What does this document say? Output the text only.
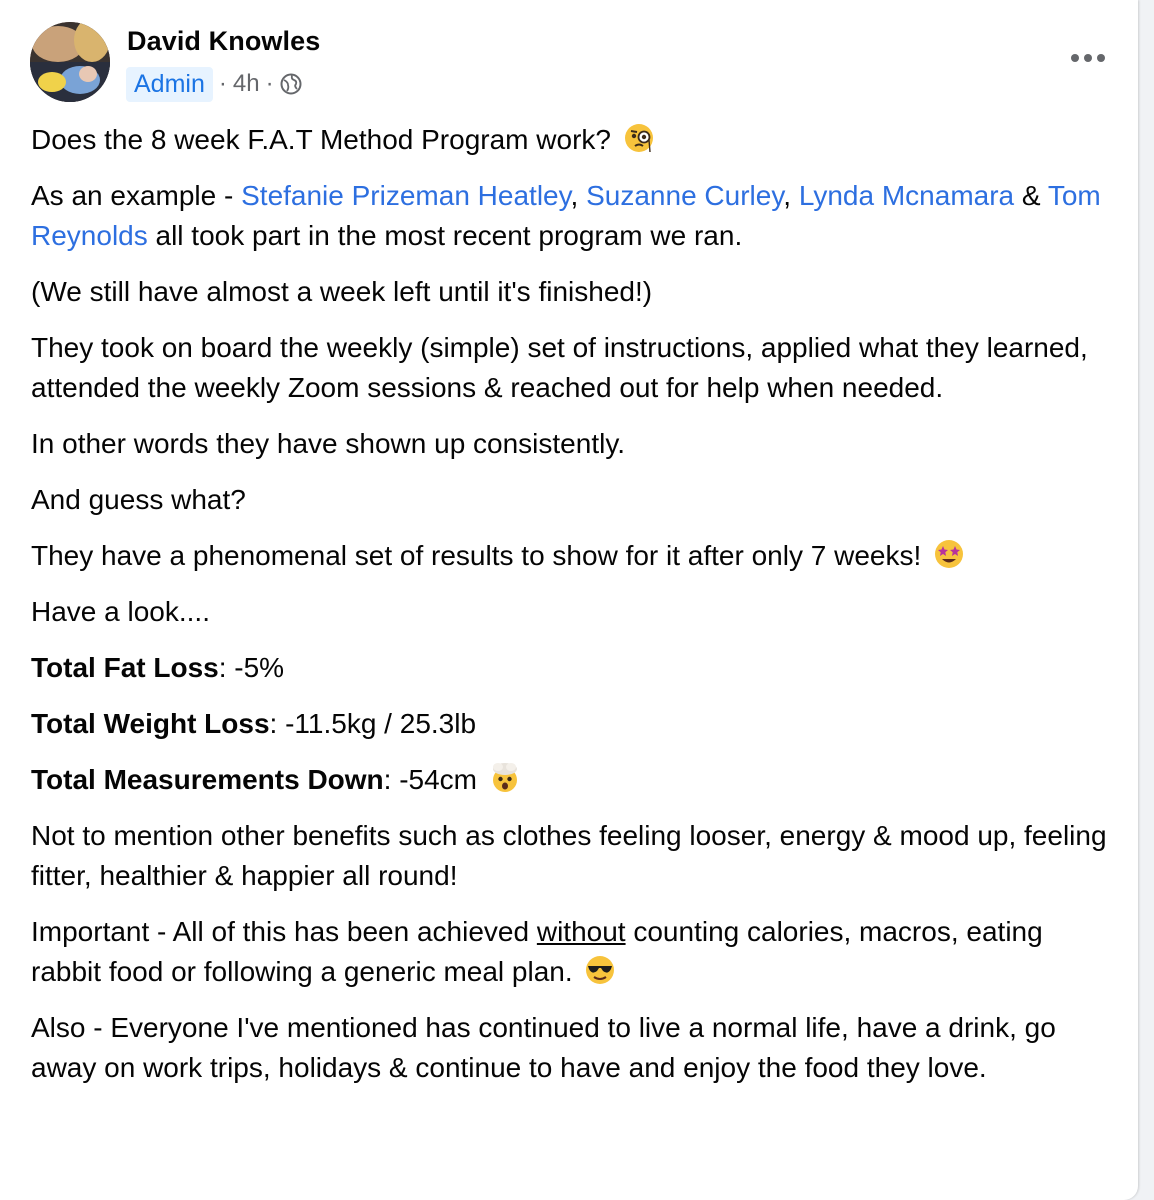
David Knowles
Admin · 4h ·

Does the 8 week F.A.T Method Program work?

As an example - Stefanie Prizeman Heatley, Suzanne Curley, Lynda Mcnamara & Tom Reynolds all took part in the most recent program we ran.

(We still have almost a week left until it's finished!)

They took on board the weekly (simple) set of instructions, applied what they learned, attended the weekly Zoom sessions & reached out for help when needed.

In other words they have shown up consistently.

And guess what?

They have a phenomenal set of results to show for it after only 7 weeks!

Have a look....

Total Fat Loss: -5%

Total Weight Loss: -11.5kg / 25.3lb

Total Measurements Down: -54cm

Not to mention other benefits such as clothes feeling looser, energy & mood up, feeling fitter, healthier & happier all round!

Important - All of this has been achieved without counting calories, macros, eating rabbit food or following a generic meal plan.

Also - Everyone I've mentioned has continued to live a normal life, have a drink, go away on work trips, holidays & continue to have and enjoy the food they love.
